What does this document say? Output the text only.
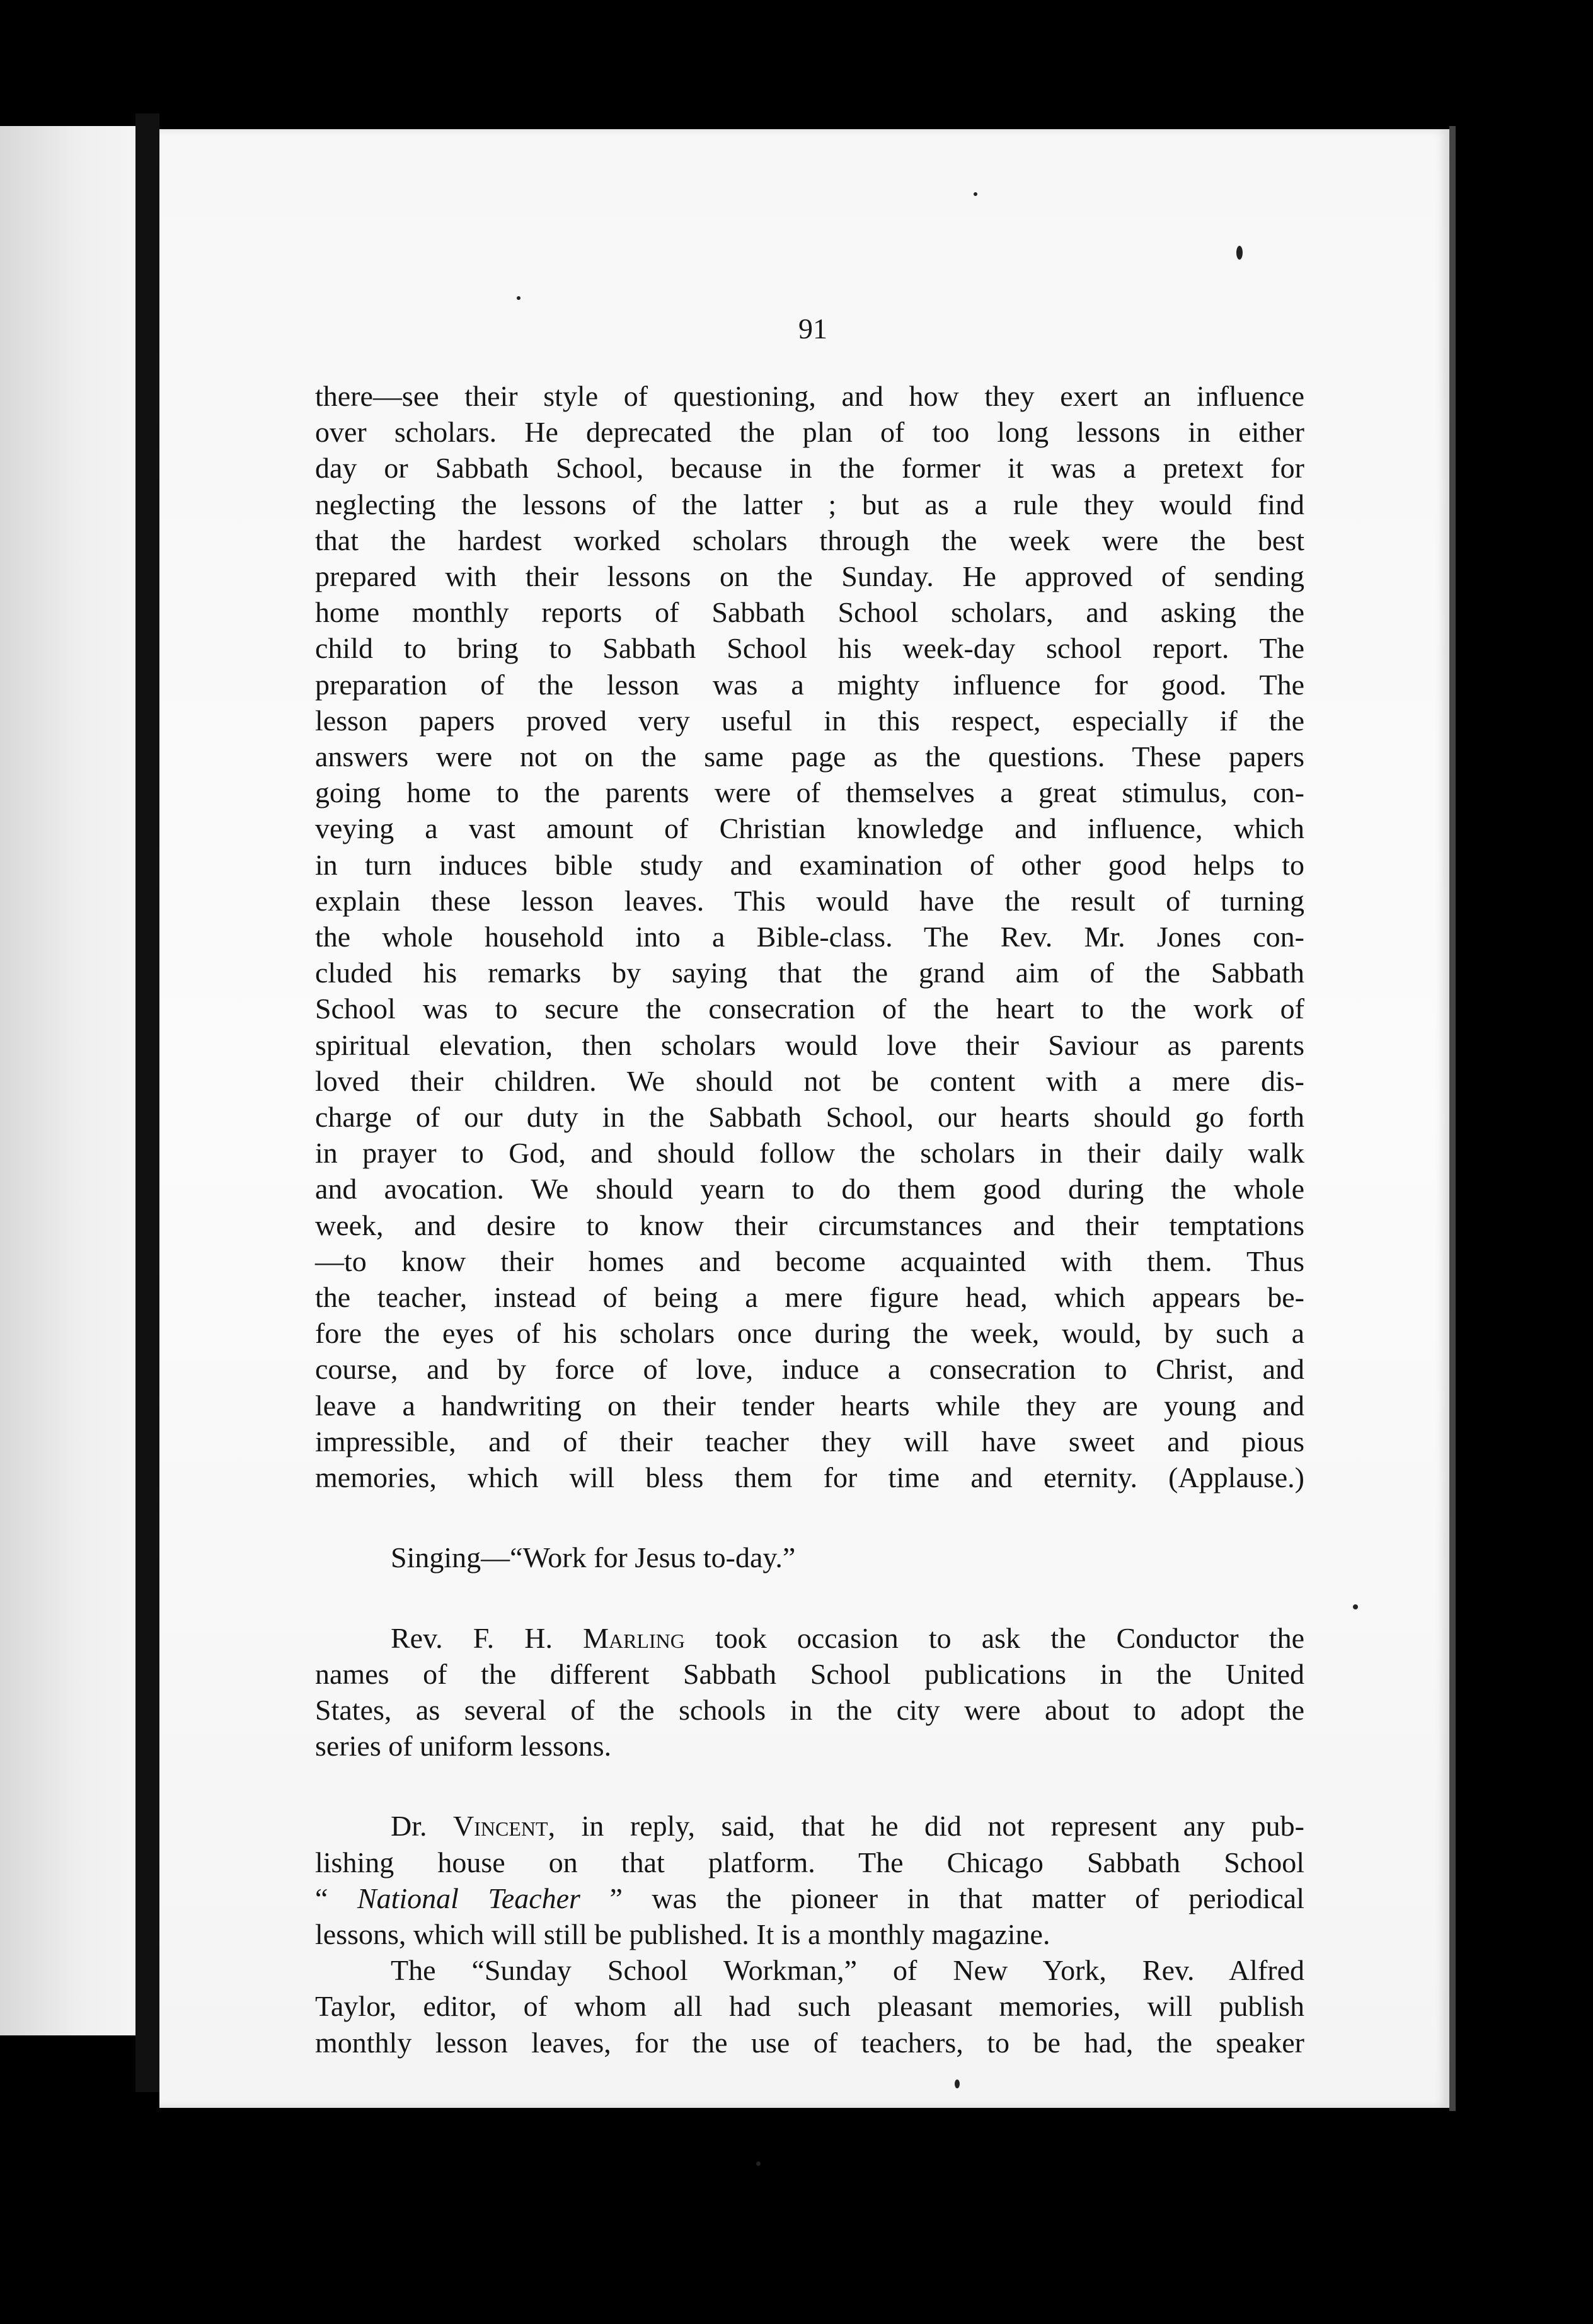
91
there—see their style of questioning, and how they exert an influence
over scholars. He deprecated the plan of too long lessons in either
day or Sabbath School, because in the former it was a pretext for
neglecting the lessons of the latter ; but as a rule they would find
that the hardest worked scholars through the week were the best
prepared with their lessons on the Sunday. He approved of sending
home monthly reports of Sabbath School scholars, and asking the
child to bring to Sabbath School his week-day school report. The
preparation of the lesson was a mighty influence for good. The
lesson papers proved very useful in this respect, especially if the
answers were not on the same page as the questions. These papers
going home to the parents were of themselves a great stimulus, con-
veying a vast amount of Christian knowledge and influence, which
in turn induces bible study and examination of other good helps to
explain these lesson leaves. This would have the result of turning
the whole household into a Bible-class. The Rev. Mr. Jones con-
cluded his remarks by saying that the grand aim of the Sabbath
School was to secure the consecration of the heart to the work of
spiritual elevation, then scholars would love their Saviour as parents
loved their children. We should not be content with a mere dis-
charge of our duty in the Sabbath School, our hearts should go forth
in prayer to God, and should follow the scholars in their daily walk
and avocation. We should yearn to do them good during the whole
week, and desire to know their circumstances and their temptations
—to know their homes and become acquainted with them. Thus
the teacher, instead of being a mere figure head, which appears be-
fore the eyes of his scholars once during the week, would, by such a
course, and by force of love, induce a consecration to Christ, and
leave a handwriting on their tender hearts while they are young and
impressible, and of their teacher they will have sweet and pious
memories, which will bless them for time and eternity. (Applause.)
Singing—“Work for Jesus to-day.”
Rev. F. H. Marling took occasion to ask the Conductor the
names of the different Sabbath School publications in the United
States, as several of the schools in the city were about to adopt the
series of uniform lessons.
Dr. Vincent, in reply, said, that he did not represent any pub-
lishing house on that platform. The Chicago Sabbath School
“ National Teacher ” was the pioneer in that matter of periodical
lessons, which will still be published. It is a monthly magazine.
The “Sunday School Workman,” of New York, Rev. Alfred
Taylor, editor, of whom all had such pleasant memories, will publish
monthly lesson leaves, for the use of teachers, to be had, the speaker
